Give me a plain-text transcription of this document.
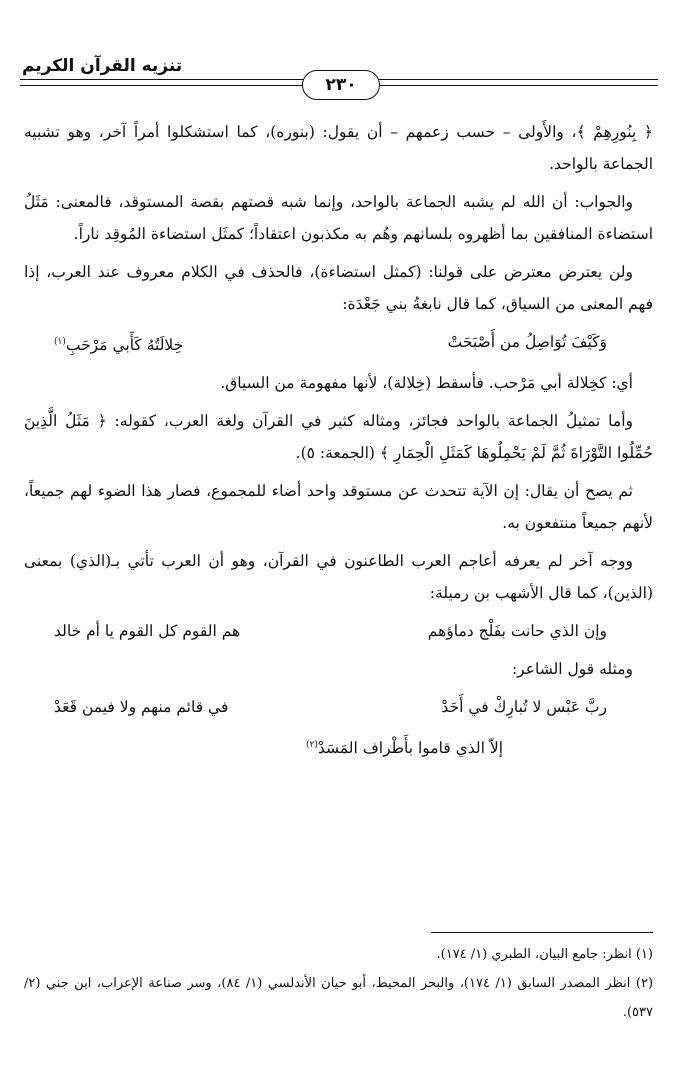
تنزيه القرآن الكريم
٢٣٠

﴿ بِنُورِهِمْ ﴾، والأَولى – حسب زعمهم – أن يقول: (بنوره)، كما استشكلوا أمراً آخر، وهو تشبيه الجماعة بالواحد.

والجواب: أن الله لم يشبه الجماعة بالواحد، وإنما شبه قصتهم بقصة المستوقد، فالمعنى: مَثَلُ استضاءة المنافقين بما أظهروه بلسانهم وهُم به مكذبون اعتقاداً؛ كمثَل استضاءة المُوقِد ناراً.

ولن يعترض معترض على قولنا: (كمثل استضاءة)، فالحذف في الكلام معروف عند العرب، إذا فهم المعنى من السياق، كما قال نابغةُ بني جَعْدَة:

وَكَيْفَ تُوَاصِلُ من أَصْبَحَتْ
خِلالَتُهُ كَأَبي مَرْحَبِ$^{(١)}$

أي: كخِلالة أبي مَرْحب. فأسقط (خِلالة)، لأنها مفهومة من السياق.

وأما تمثيلُ الجماعة بالواحد فجائز، ومثاله كثير في القرآن ولغة العرب، كقوله: ﴿ مَثَلُ الَّذِينَ حُمِّلُوا التَّوْرَاةَ ثُمَّ لَمْ يَحْمِلُوهَا كَمَثَلِ الْحِمَارِ ﴾ (الجمعة: ٥).

ثم يصح أن يقال: إن الآية تتحدث عن مستوقد واحد أضاء للمجموع، فصار هذا الضوء لهم جميعاً، لأنهم جميعاً منتفعون به.

ووجه آخر لم يعرفه أعاجم العرب الطاعنون في القرآن، وهو أن العرب تأتي بـ(الذي) بمعنى (الذين)، كما قال الأشهب بن رميلة:

وإن الذي حانت بفَلْج دماؤهم
هم القوم كل القوم يا أم خالد

ومثله قول الشاعر:

ربَّ عَبْس لا تُبارِكْ في أَحَدْ
في قائم منهم ولا فيمن قَعَدْ
إلاّ الذي قاموا بأَطْراف المَسَدْ$^{(٢)}$

(١) انظر: جامع البيان، الطبري (١/ ١٧٤).

(٢) انظر المصدر السابق (١/ ١٧٤)، والبحر المحيط، أبو حيان الأندلسي (١/ ٨٤)، وسر صناعة الإعراب، ابن جني (٢/ ٥٣٧).
